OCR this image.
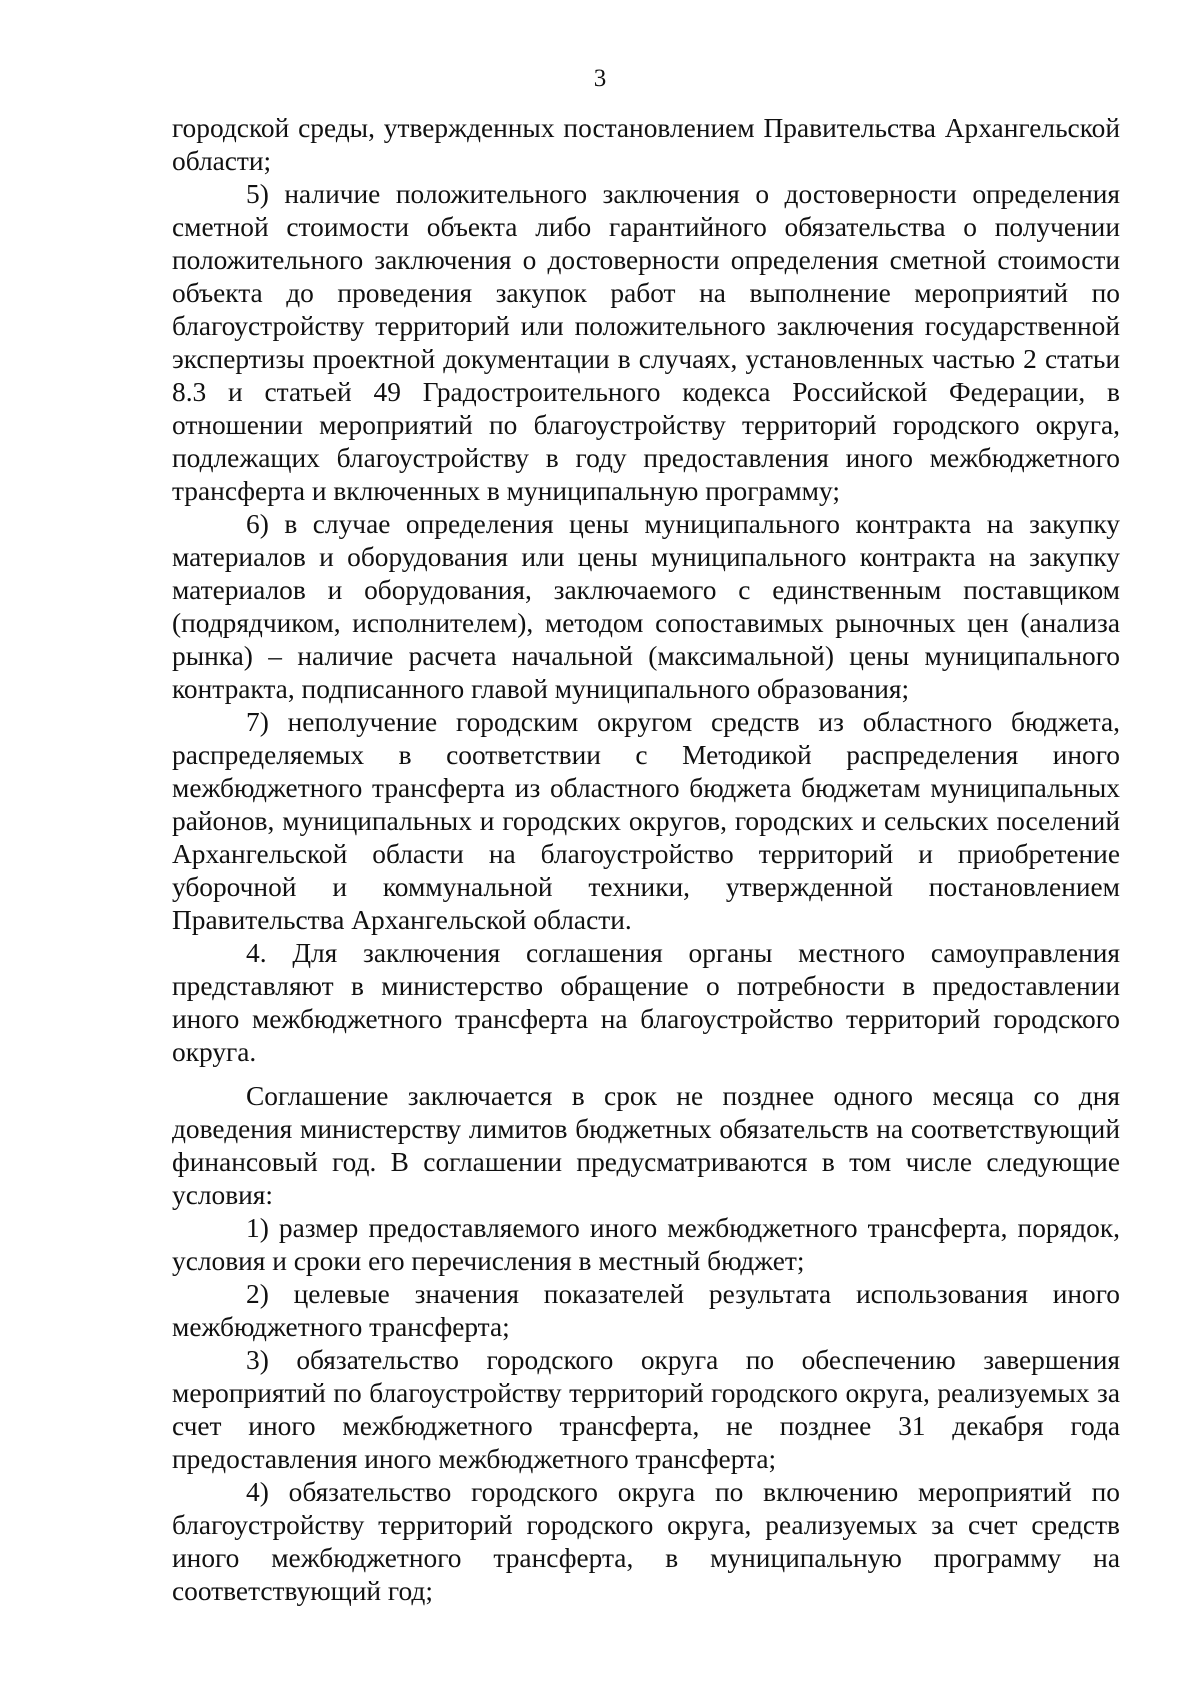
3

городской среды, утвержденных постановлением Правительства Архангельской области;

5) наличие положительного заключения о достоверности определения сметной стоимости объекта либо гарантийного обязательства о получении положительного заключения о достоверности определения сметной стоимости объекта до проведения закупок работ на выполнение мероприятий по благоустройству территорий или положительного заключения государственной экспертизы проектной документации в случаях, установленных частью 2 статьи 8.3 и статьей 49 Градостроительного кодекса Российской Федерации, в отношении мероприятий по благоустройству территорий городского округа, подлежащих благоустройству в году предоставления иного межбюджетного трансферта и включенных в муниципальную программу;

6) в случае определения цены муниципального контракта на закупку материалов и оборудования или цены муниципального контракта на закупку материалов и оборудования, заключаемого с единственным поставщиком (подрядчиком, исполнителем), методом сопоставимых рыночных цен (анализа рынка) – наличие расчета начальной (максимальной) цены муниципального контракта, подписанного главой муниципального образования;

7) неполучение городским округом средств из областного бюджета, распределяемых в соответствии с Методикой распределения иного межбюджетного трансферта из областного бюджета бюджетам муниципальных районов, муниципальных и городских округов, городских и сельских поселений Архангельской области на благоустройство территорий и приобретение уборочной и коммунальной техники, утвержденной постановлением Правительства Архангельской области.

4. Для заключения соглашения органы местного самоуправления представляют в министерство обращение о потребности в предоставлении иного межбюджетного трансферта на благоустройство территорий городского округа.

Соглашение заключается в срок не позднее одного месяца со дня доведения министерству лимитов бюджетных обязательств на соответствующий финансовый год. В соглашении предусматриваются в том числе следующие условия:

1) размер предоставляемого иного межбюджетного трансферта, порядок, условия и сроки его перечисления в местный бюджет;

2) целевые значения показателей результата использования иного межбюджетного трансферта;

3) обязательство городского округа по обеспечению завершения мероприятий по благоустройству территорий городского округа, реализуемых за счет иного межбюджетного трансферта, не позднее 31 декабря года предоставления иного межбюджетного трансферта;

4) обязательство городского округа по включению мероприятий по благоустройству территорий городского округа, реализуемых за счет средств иного межбюджетного трансферта, в муниципальную программу на соответствующий год;
